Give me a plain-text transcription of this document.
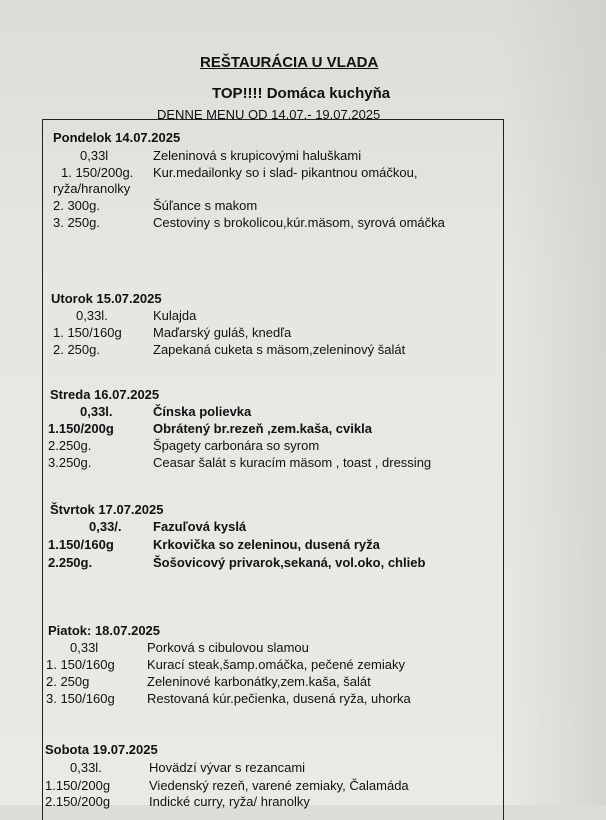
REŠTAURÁCIA U VLADA
TOP!!!! Domáca kuchyňa
DENNE MENU OD 14.07.- 19.07.2025
Pondelok 14.07.2025
0,33l	Zeleninová s krupicovými haluškami
1. 150/200g. Kur.medailonky so i slad- pikantnou omáčkou,
ryža/hranolky
2. 300g.	Šúľance s makom
3. 250g.	Cestoviny s brokolicou,kúr.mäsom, syrová omáčka
Utorok 15.07.2025
0,33l.	Kulajda
1. 150/160g Maďarský guláš, knedľa
2. 250g.	Zapekaná cuketa s mäsom,zeleninový šalát
Streda 16.07.2025
0,33l.	Čínska polievka
1.150/200g	Obrátený br.rezeň ,zem.kaša, cvikla
2.250g.	Špagety carbonára so syrom
3.250g.	Ceasar šalát s kuracím mäsom , toast , dressing
Štvrtok 17.07.2025
0,33/. Fazuľová kyslá
1.150/160g	Krkovička so zeleninou, dusená ryža
2.250g.	Šošovicový privarok,sekaná, vol.oko, chlieb
Piatok: 18.07.2025
0,33l	Porková s cibulovou slamou
1. 150/160g Kurací steak,šamp.omáčka, pečené zemiaky
2. 250g	Zeleninové karbonátky,zem.kaša, šalát
3. 150/160g Restovaná kúr.pečienka, dusená ryža, uhorka
Sobota 19.07.2025
0,33l.	Hovädzí vývar s rezancami
1.150/200g	Viedenský rezeň, varené zemiaky, Čalamáda
2.150/200g	Indické curry, ryža/ hranolky
